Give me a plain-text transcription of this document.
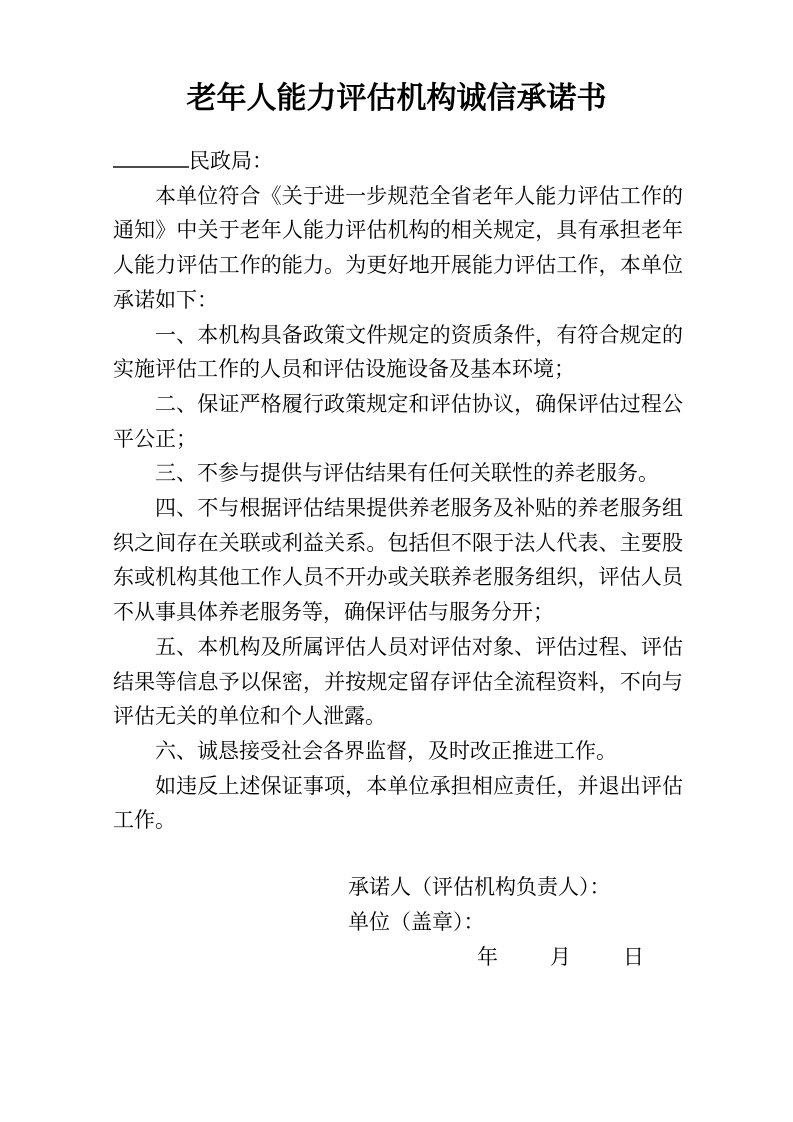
老年人能力评估机构诚信承诺书

民政局：

本单位符合《关于进一步规范全省老年人能力评估工作的通知》中关于老年人能力评估机构的相关规定，具有承担老年人能力评估工作的能力。为更好地开展能力评估工作，本单位承诺如下：

一、本机构具备政策文件规定的资质条件，有符合规定的实施评估工作的人员和评估设施设备及基本环境；

二、保证严格履行政策规定和评估协议，确保评估过程公平公正；

三、不参与提供与评估结果有任何关联性的养老服务。

四、不与根据评估结果提供养老服务及补贴的养老服务组织之间存在关联或利益关系。包括但不限于法人代表、主要股东或机构其他工作人员不开办或关联养老服务组织，评估人员不从事具体养老服务等，确保评估与服务分开；

五、本机构及所属评估人员对评估对象、评估过程、评估结果等信息予以保密，并按规定留存评估全流程资料，不向与评估无关的单位和个人泄露。

六、诚恳接受社会各界监督，及时改正推进工作。

如违反上述保证事项，本单位承担相应责任，并退出评估工作。

承诺人（评估机构负责人）：
单位（盖章）：
年 月 日
